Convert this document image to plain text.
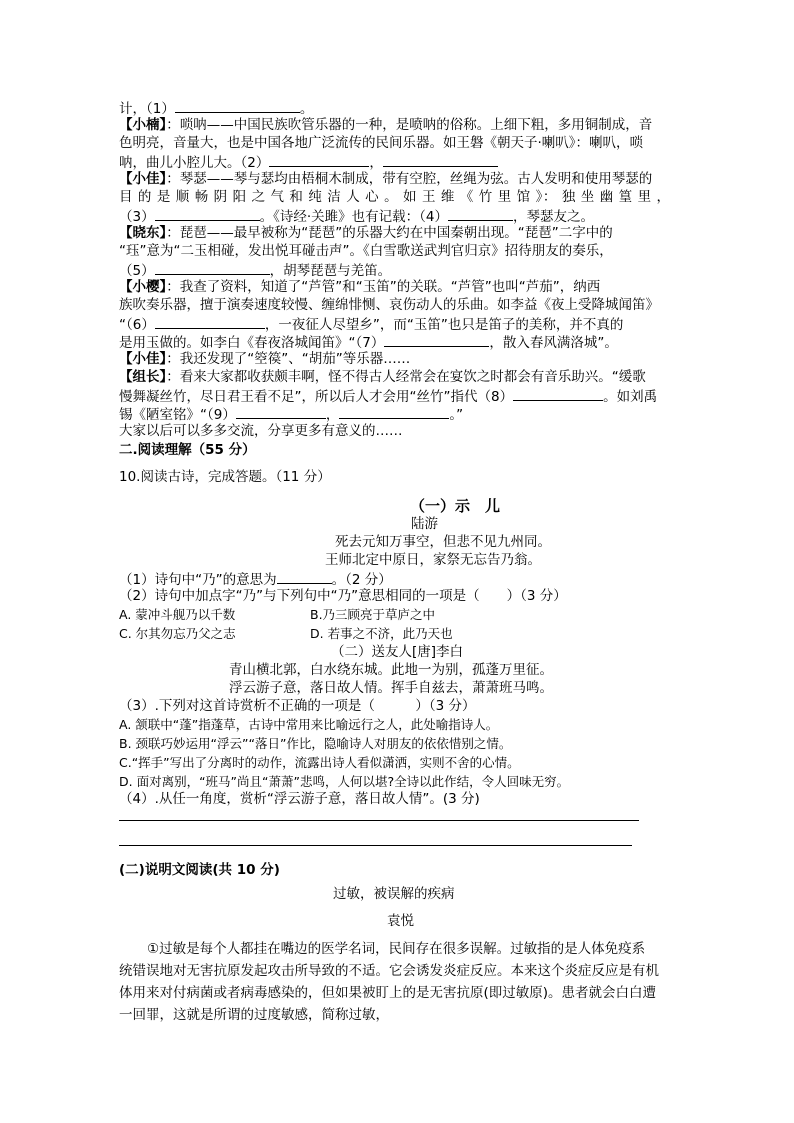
计，（1）	。
【小楠】：唢呐——中国民族吹管乐器的一种，是喷呐的俗称。上细下粗，多用铜制成，音
色明亮，音量大，也是中国各地广泛流传的民间乐器。如王磐《朝天子·喇叭》：喇叭，唢
呐，曲儿小腔儿大。（2）	，
【小佳】：琴瑟——琴与瑟均由梧桐木制成，带有空腔，丝绳为弦。古人发明和使用琴瑟的
目 的 是 顺 畅 阴 阳 之 气 和 纯 洁 人 心 。 如 王 维 《 竹 里 馆 》： 独 坐 幽 篁 里 ，
（3）	。《诗经·关雎》也有记载：（4）	，琴瑟友之。
【晓东】：琵琶——最早被称为“琵琶”的乐器大约在中国秦朝出现。“琵琶”二字中的
“珏”意为“二玉相碰，发出悦耳碰击声”。《白雪歌送武判官归京》招待朋友的奏乐，
（5）	，胡琴琵琶与羌笛。
【小樱】：我查了资料，知道了“芦管”和“玉笛”的关联。“芦管”也叫“芦茄”，纳西
族吹奏乐器，擅于演奏速度较慢、缠绵悱恻、哀伤动人的乐曲。如李益《夜上受降城闻笛》
“（6）	，一夜征人尽望乡”，而“玉笛”也只是笛子的美称，并不真的
是用玉做的。如李白《春夜洛城闻笛》“（7）	，散入春风满洛城”。
【小佳】：我还发现了“箜篌”、“胡茄”等乐器……
【组长】：看来大家都收获颇丰啊，怪不得古人经常会在宴饮之时都会有音乐助兴。“缓歌
慢舞凝丝竹，尽日君王看不足”，所以后人才会用“丝竹”指代（8）	。如刘禹
锡《陋室铭》“（9）	，	。”
大家以后可以多多交流，分享更多有意义的……
二.阅读理解（55 分）
10.阅读古诗，完成答题。（11 分）
（一）示　儿
陆游
死去元知万事空，但悲不见九州同。
王师北定中原日，家祭无忘告乃翁。
（1）诗句中“乃”的意思为	。（2 分）
（2）诗句中加点字“乃”与下列句中“乃”意思相同的一项是（　　）（3 分）
A. 蒙冲斗舰乃以千数	B.乃三顾亮于草庐之中
C. 尔其勿忘乃父之志	D. 若事之不济，此乃天也
（二）送友人[唐]李白
青山横北郭，白水绕东城。此地一为别，孤蓬万里征。
浮云游子意，落日故人情。挥手自兹去，萧萧班马鸣。
（3）.下列对这首诗赏析不正确的一项是（　　　）（3 分）
A. 颔联中“蓬”指蓬草，古诗中常用来比喻远行之人，此处喻指诗人。
B. 颈联巧妙运用“浮云”“落日”作比，隐喻诗人对朋友的依依惜别之情。
C.“挥手”写出了分离时的动作，流露出诗人看似潇洒，实则不舍的心情。
D. 面对离别，“班马”尚且“萧萧”悲鸣，人何以堪?全诗以此作结，令人回味无穷。
（4）.从任一角度，赏析“浮云游子意，落日故人情”。(3 分)
(二)说明文阅读(共 10 分)
过敏，被误解的疾病
袁悦
①过敏是每个人都挂在嘴边的医学名词，民间存在很多误解。过敏指的是人体免疫系
统错误地对无害抗原发起攻击所导致的不适。它会诱发炎症反应。本来这个炎症反应是有机
体用来对付病菌或者病毒感染的，但如果被盯上的是无害抗原(即过敏原)。患者就会白白遭
一回罪，这就是所谓的过度敏感，简称过敏，
